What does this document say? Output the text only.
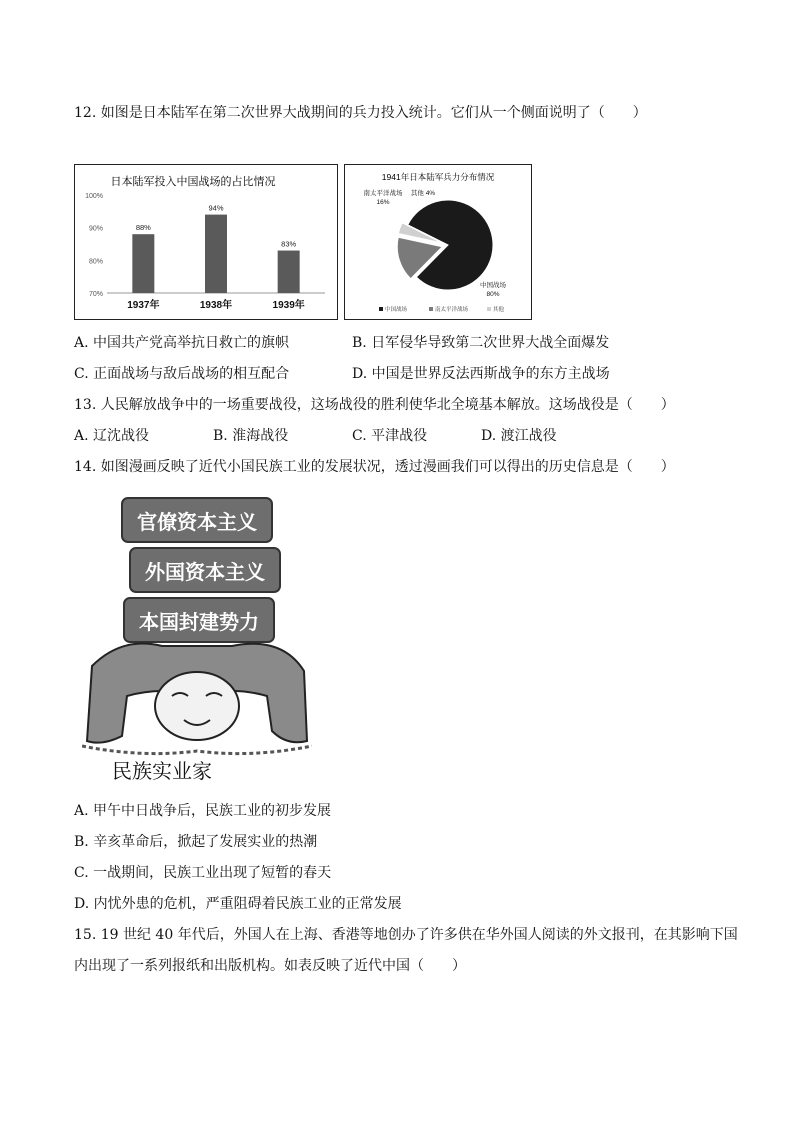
12. 如图是日本陆军在第二次世界大战期间的兵力投入统计。它们从一个侧面说明了（　　）
日本陆军投入中国战场的占比情况
100%
90%
80%
70%
88%
1937年
94%
1938年
83%
1939年
1941年日本陆军兵力分布情况
中国战场
80%
南太平洋战场
16%
其他 4%
中国战场	南太平洋战场	其他
A. 中国共产党高举抗日救亡的旗帜	B. 日军侵华导致第二次世界大战全面爆发
C. 正面战场与敌后战场的相互配合	D. 中国是世界反法西斯战争的东方主战场
13. 人民解放战争中的一场重要战役，这场战役的胜利使华北全境基本解放。这场战役是（　　）
A. 辽沈战役	B. 淮海战役	C. 平津战役	D. 渡江战役
14. 如图漫画反映了近代小国民族工业的发展状况，透过漫画我们可以得出的历史信息是（　　）
官僚资本主义
外国资本主义
本国封建势力
民族实业家
A. 甲午中日战争后，民族工业的初步发展
B. 辛亥革命后，掀起了发展实业的热潮
C. 一战期间，民族工业出现了短暂的春天
D. 内忧外患的危机，严重阻碍着民族工业的正常发展
15. 19 世纪 40 年代后，外国人在上海、香港等地创办了许多供在华外国人阅读的外文报刊，在其影响下国
内出现了一系列报纸和出版机构。如表反映了近代中国（　　）
